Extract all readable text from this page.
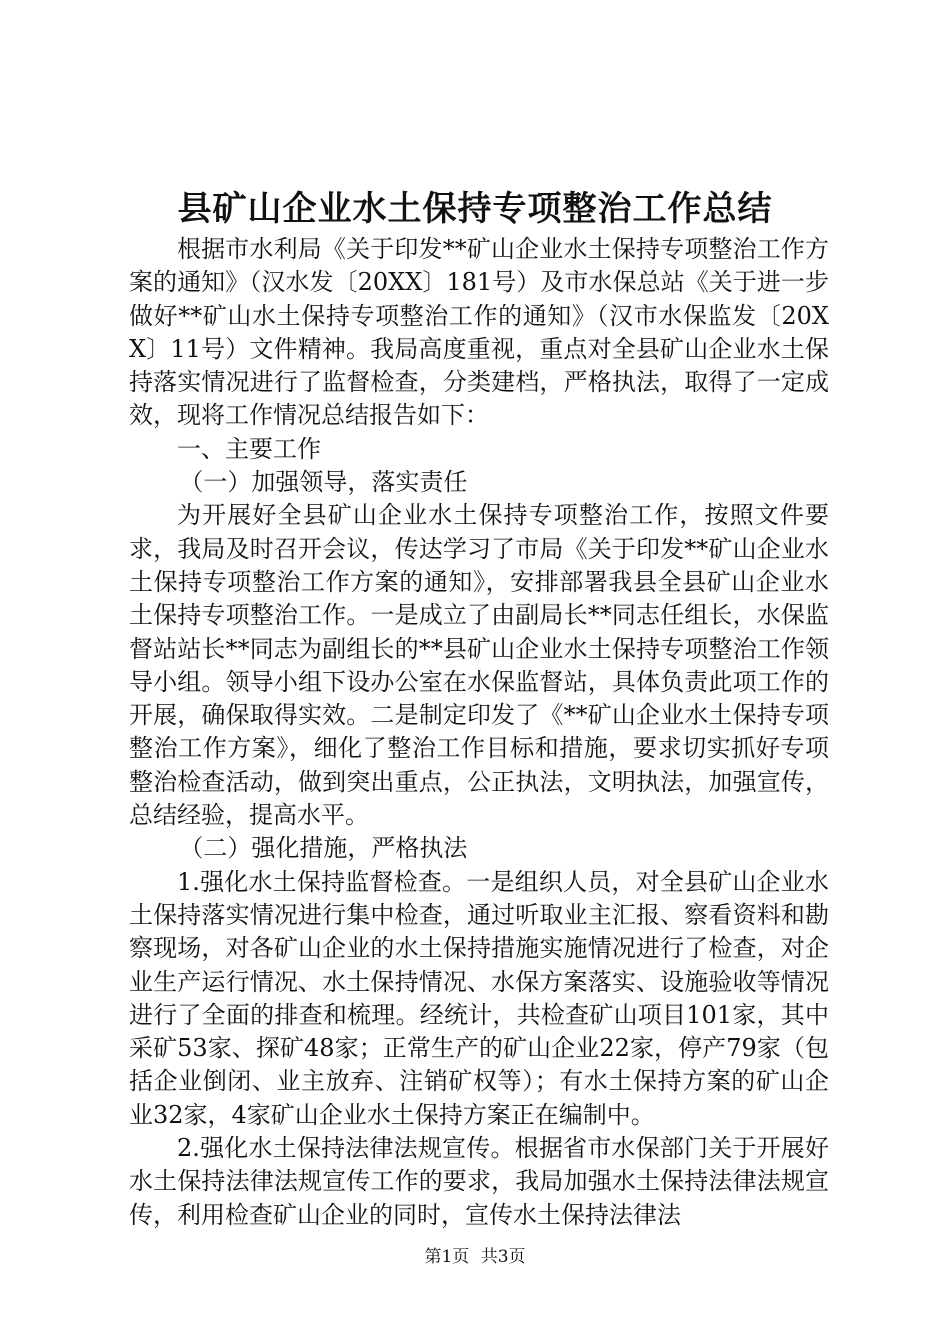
县矿山企业水土保持专项整治工作总结

根据市水利局《关于印发**矿山企业水土保持专项整治工作方案的通知》（汉水发〔20XX〕181号）及市水保总站《关于进一步做好**矿山水土保持专项整治工作的通知》（汉市水保监发〔20XX〕11号）文件精神。我局高度重视，重点对全县矿山企业水土保持落实情况进行了监督检查，分类建档，严格执法，取得了一定成效，现将工作情况总结报告如下：

一、主要工作

（一）加强领导，落实责任

为开展好全县矿山企业水土保持专项整治工作，按照文件要求，我局及时召开会议，传达学习了市局《关于印发**矿山企业水土保持专项整治工作方案的通知》，安排部署我县全县矿山企业水土保持专项整治工作。一是成立了由副局长**同志任组长，水保监督站站长**同志为副组长的**县矿山企业水土保持专项整治工作领导小组。领导小组下设办公室在水保监督站，具体负责此项工作的开展，确保取得实效。二是制定印发了《**矿山企业水土保持专项整治工作方案》，细化了整治工作目标和措施，要求切实抓好专项整治检查活动，做到突出重点，公正执法，文明执法，加强宣传，总结经验，提高水平。

（二）强化措施，严格执法

1.强化水土保持监督检查。一是组织人员，对全县矿山企业水土保持落实情况进行集中检查，通过听取业主汇报、察看资料和勘察现场，对各矿山企业的水土保持措施实施情况进行了检查，对企业生产运行情况、水土保持情况、水保方案落实、设施验收等情况进行了全面的排查和梳理。经统计，共检查矿山项目101家，其中采矿53家、探矿48家；正常生产的矿山企业22家，停产79家（包括企业倒闭、业主放弃、注销矿权等）；有水土保持方案的矿山企业32家，4家矿山企业水土保持方案正在编制中。

2.强化水土保持法律法规宣传。根据省市水保部门关于开展好水土保持法律法规宣传工作的要求，我局加强水土保持法律法规宣传，利用检查矿山企业的同时，宣传水土保持法律法

第1页 共3页
